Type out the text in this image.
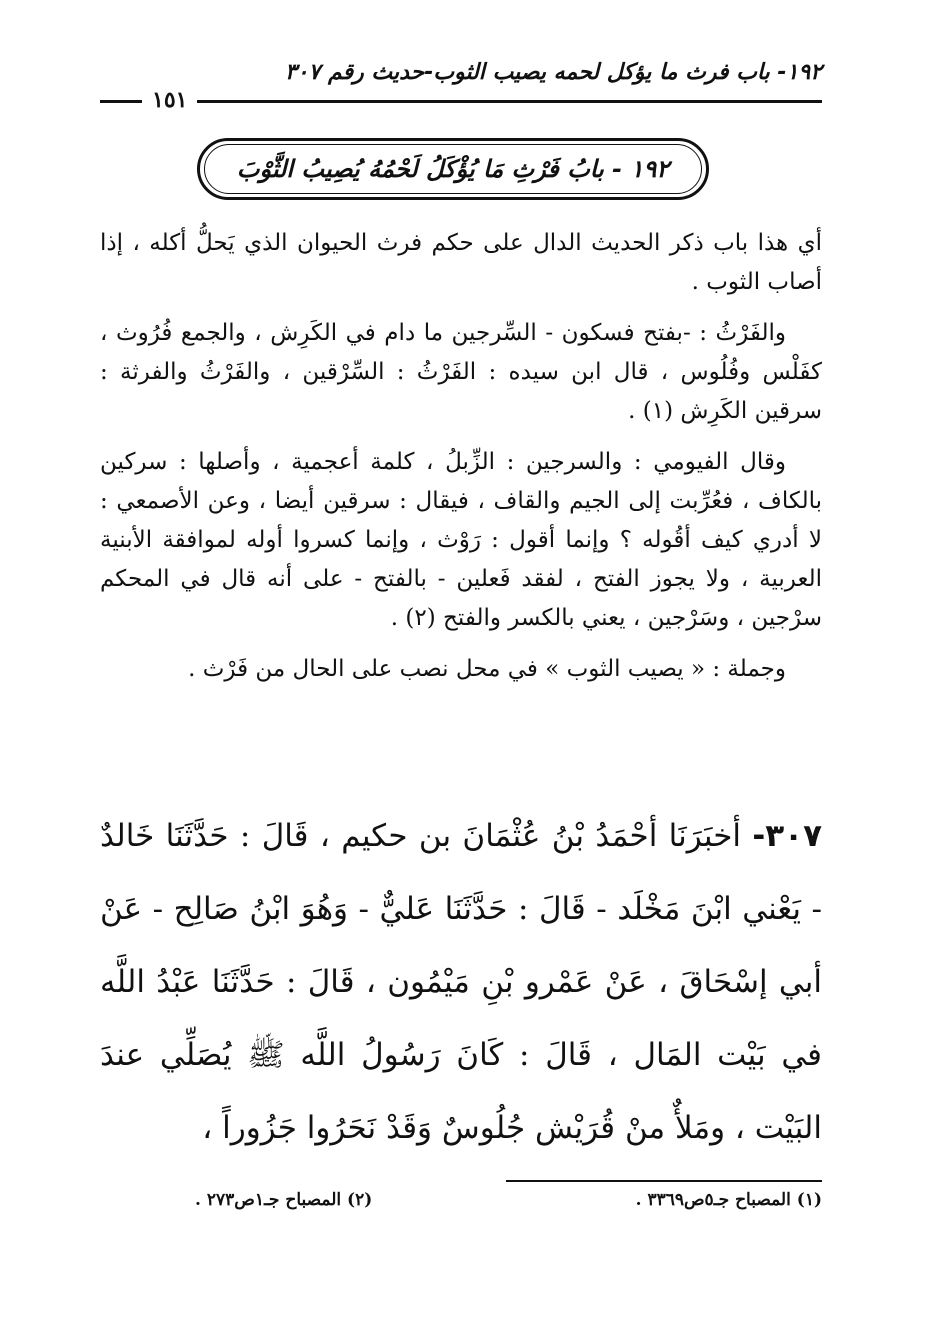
١٩٢- باب فرث ما يؤكل لحمه يصيب الثوب-حديث رقم ٣٠٧
١٥١
١٩٢ - بابُ فَرْثِ مَا يُؤْكَلُ لَحْمُهُ يُصِيبُ الثَّوْبَ

أي هذا باب ذكر الحديث الدال على حكم فرث الحيوان الذي يَحلُّ أكله ، إذا أصاب الثوب .

والفَرْثُ : -بفتح فسكون - السِّرجين ما دام في الكَرِش ، والجمع فُرُوث ، كفَلْس وفُلُوس ، قال ابن سيده : الفَرْثُ : السِّرْقين ، والفَرْثُ والفرثة : سرقين الكَرِش (١) .

وقال الفيومي : والسرجين : الزِّبلُ ، كلمة أعجمية ، وأصلها : سركين بالكاف ، فعُرِّبت إلى الجيم والقاف ، فيقال : سرقين أيضا ، وعن الأصمعي : لا أدري كيف أقُوله ؟ وإنما أقول : رَوْث ، وإنما كسروا أوله لموافقة الأبنية العربية ، ولا يجوز الفتح ، لفقد فَعلين - بالفتح - على أنه قال في المحكم سرْجين ، وسَرْجين ، يعني بالكسر والفتح (٢) .

وجملة : « يصيب الثوب » في محل نصب على الحال من فَرْث .

٣٠٧- أخبَرَنَا أحْمَدُ بْنُ عُثْمَانَ بن حكيم ، قَالَ : حَدَّثَنَا خَالدٌ - يَعْني ابْنَ مَخْلَد - قَالَ : حَدَّثَنَا عَليٌّ - وَهُوَ ابْنُ صَالِح - عَنْ أبي إسْحَاقَ ، عَنْ عَمْرو بْنِ مَيْمُون ، قَالَ : حَدَّثَنَا عَبْدُ اللَّه في بَيْت المَال ، قَالَ : كَانَ رَسُولُ اللَّه ﷺ يُصَلِّي عندَ البَيْت ، ومَلأٌ منْ قُرَيْش جُلُوسٌ وَقَدْ نَحَرُوا جَزُوراً ،
(١) المصباح جـ٥ص٣٣٦٩ .
(٢) المصباح جـ١ص٢٧٣ .
